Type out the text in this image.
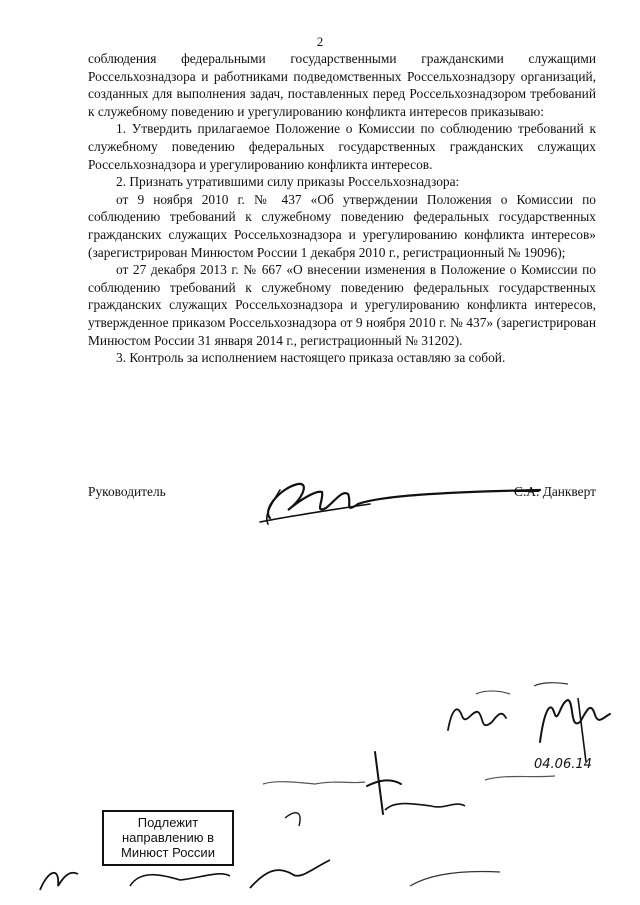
2

соблюдения федеральными государственными гражданскими служащими Россельхознадзора и работниками подведомственных Россельхознадзору организаций, созданных для выполнения задач, поставленных перед Россельхознадзором требований к служебному поведению и урегулированию конфликта интересов приказываю:

1. Утвердить прилагаемое Положение о Комиссии по соблюдению требований к служебному поведению федеральных государственных гражданских служащих Россельхознадзора и урегулированию конфликта интересов.

2. Признать утратившими силу приказы Россельхознадзора:

от 9 ноября 2010 г. № 437 «Об утверждении Положения о Комиссии по соблюдению требований к служебному поведению федеральных государственных гражданских служащих Россельхознадзора и урегулированию конфликта интересов» (зарегистрирован Минюстом России 1 декабря 2010 г., регистрационный № 19096);

от 27 декабря 2013 г. № 667 «О внесении изменения в Положение о Комиссии по соблюдению требований к служебному поведению федеральных государственных гражданских служащих Россельхознадзора и урегулированию конфликта интересов, утвержденное приказом Россельхознадзора от 9 ноября 2010 г. № 437» (зарегистрирован Минюстом России 31 января 2014 г., регистрационный № 31202).

3. Контроль за исполнением настоящего приказа оставляю за собой.

Руководитель	С.А. Данкверт
04.06.14
Подлежит
направлению в
Минюст России
